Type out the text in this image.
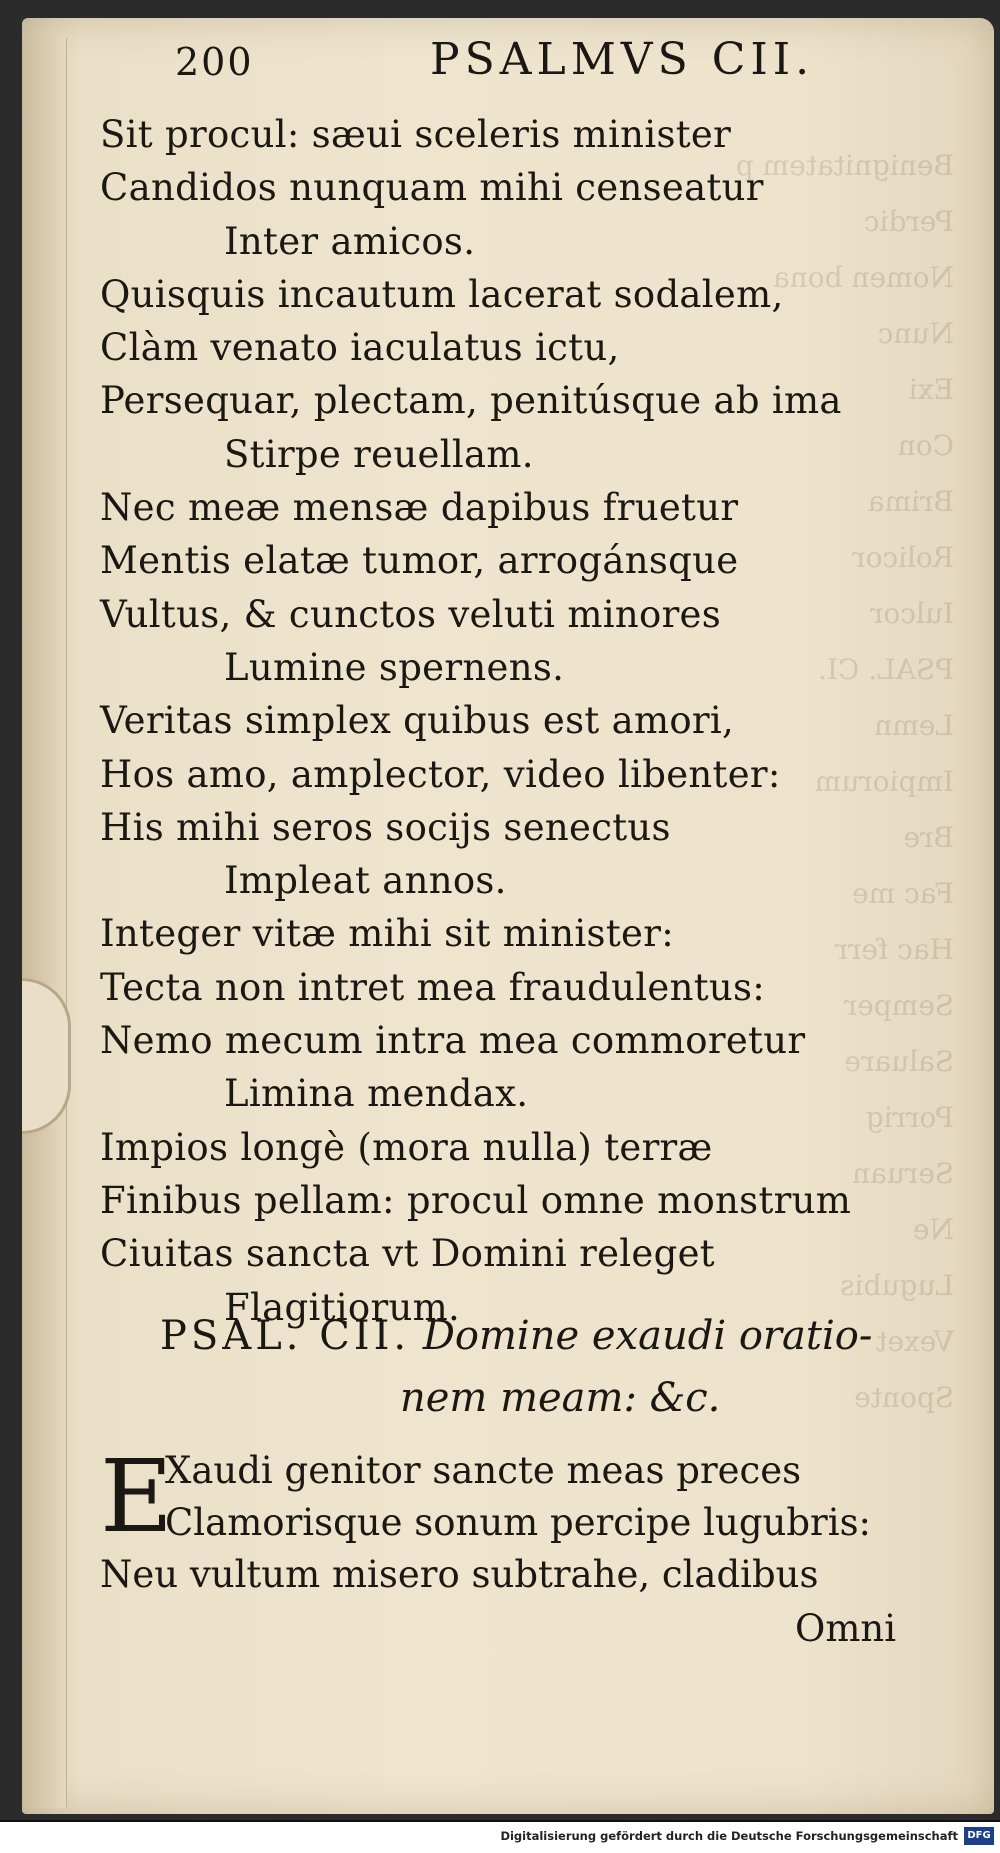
Benignitatem p
Perdic
Nomen bona
Nunc
Exi
Con
Brima
Rolicor
Iulcor
PSAL. CI.
Lemn
Impiorum
Bre
Fac me
Hac ferr
Semper
Saluare
Porrig
Seruan
Ne
Lugubis
Vexet
Sponte
200	PSALMVS CII.
Sit procul: sæui sceleris minister
Candidos nunquam mihi censeatur
Inter amicos.
Quisquis incautum lacerat sodalem,
Clàm venato iaculatus ictu,
Persequar, plectam, penitúsque ab ima
Stirpe reuellam.
Nec meæ mensæ dapibus fruetur
Mentis elatæ tumor, arrogánsque
Vultus, & cunctos veluti minores
Lumine spernens.
Veritas simplex quibus est amori,
Hos amo, amplector, video libenter:
His mihi seros socijs senectus
Impleat annos.
Integer vitæ mihi sit minister:
Tecta non intret mea fraudulentus:
Nemo mecum intra mea commoretur
Limina mendax.
Impios longè (mora nulla) terræ
Finibus pellam: procul omne monstrum
Ciuitas sancta vt Domini releget
Flagitiorum.
PSAL. CII. Domine exaudi oratio-
nem meam: &c.
E
Xaudi genitor sancte meas preces
Clamorisque sonum percipe lugubris:
Neu vultum misero subtrahe, cladibus
Omni
Digitalisierung gefördert durch die Deutsche Forschungsgemeinschaft DFG
